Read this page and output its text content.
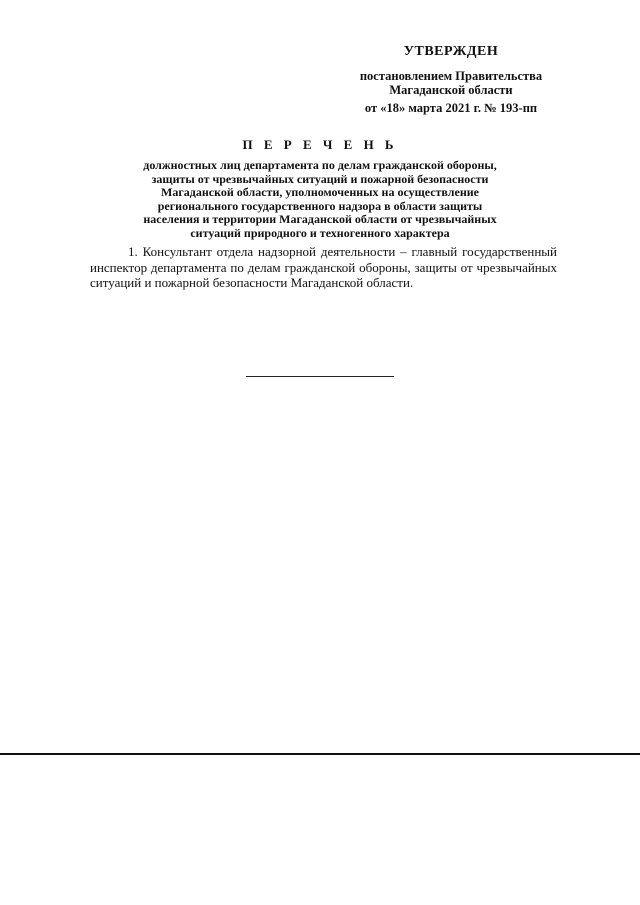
УТВЕРЖДЕН
постановлением Правительства
Магаданской области
от «18» марта 2021 г. № 193-пп
П Е Р Е Ч Е Н Ь
должностных лиц департамента по делам гражданской обороны,
защиты от чрезвычайных ситуаций и пожарной безопасности
Магаданской области, уполномоченных на осуществление
регионального государственного надзора в области защиты
населения и территории Магаданской области от чрезвычайных
ситуаций природного и техногенного характера
1. Консультант отдела надзорной деятельности – главный государственный инспектор департамента по делам гражданской обороны, защиты от чрезвычайных ситуаций и пожарной безопасности Магаданской области.
